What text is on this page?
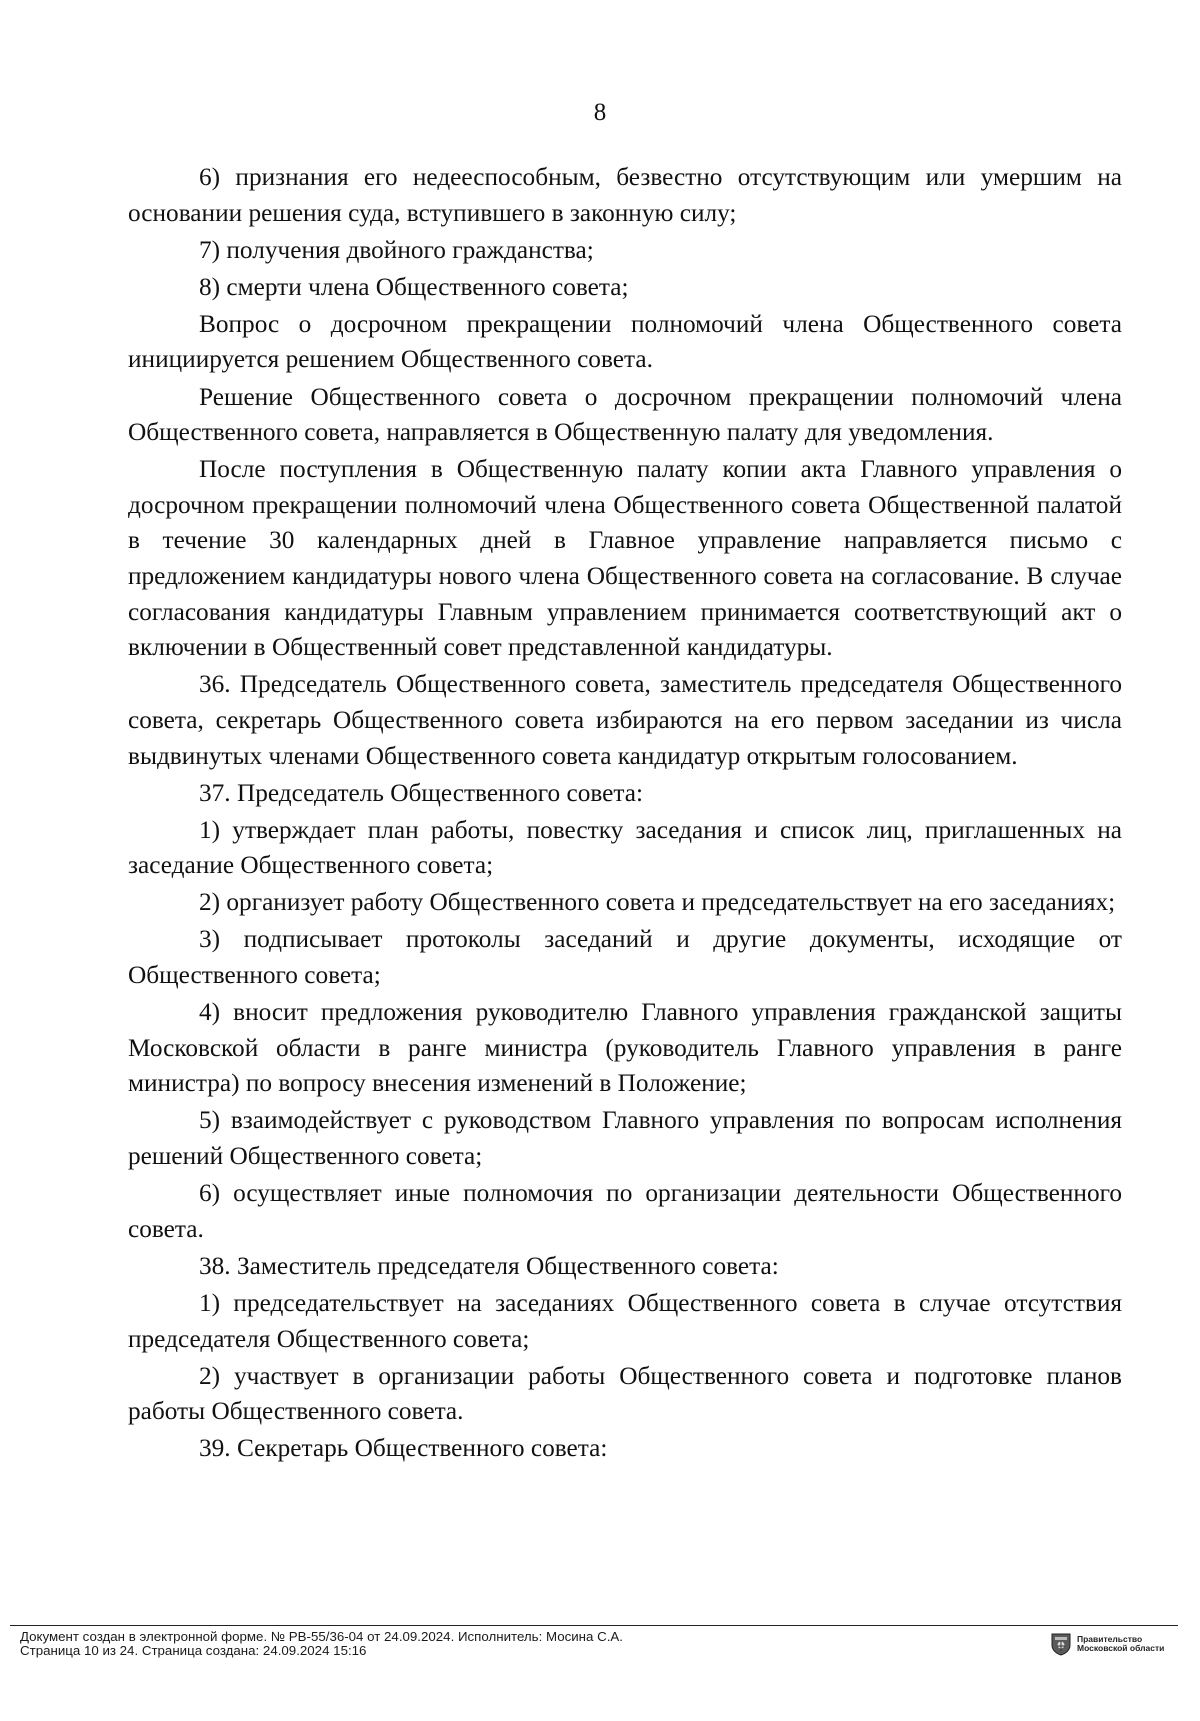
8

6) признания его недееспособным, безвестно отсутствующим или умершим на основании решения суда, вступившего в законную силу;

7) получения двойного гражданства;

8) смерти члена Общественного совета;

Вопрос о досрочном прекращении полномочий члена Общественного совета инициируется решением Общественного совета.

Решение Общественного совета о досрочном прекращении полномочий члена Общественного совета, направляется в Общественную палату для уведомления.

После поступления в Общественную палату копии акта Главного управления о досрочном прекращении полномочий члена Общественного совета Общественной палатой в течение 30 календарных дней в Главное управление направляется письмо с предложением кандидатуры нового члена Общественного совета на согласование. В случае согласования кандидатуры Главным управлением принимается соответствующий акт о включении в Общественный совет представленной кандидатуры.

36. Председатель Общественного совета, заместитель председателя Общественного совета, секретарь Общественного совета избираются на его первом заседании из числа выдвинутых членами Общественного совета кандидатур открытым голосованием.

37. Председатель Общественного совета:

1) утверждает план работы, повестку заседания и список лиц, приглашенных на заседание Общественного совета;

2) организует работу Общественного совета и председательствует на его заседаниях;

3) подписывает протоколы заседаний и другие документы, исходящие от Общественного совета;

4) вносит предложения руководителю Главного управления гражданской защиты Московской области в ранге министра (руководитель Главного управления в ранге министра) по вопросу внесения изменений в Положение;

5) взаимодействует с руководством Главного управления по вопросам исполнения решений Общественного совета;

6) осуществляет иные полномочия по организации деятельности Общественного совета.

38. Заместитель председателя Общественного совета:

1) председательствует на заседаниях Общественного совета в случае отсутствия председателя Общественного совета;

2) участвует в организации работы Общественного совета и подготовке планов работы Общественного совета.

39. Секретарь Общественного совета:

Документ создан в электронной форме. № РВ-55/36-04 от 24.09.2024. Исполнитель: Мосина С.А.
Страница 10 из 24. Страница создана: 24.09.2024 15:16
Правительство
Московской области
